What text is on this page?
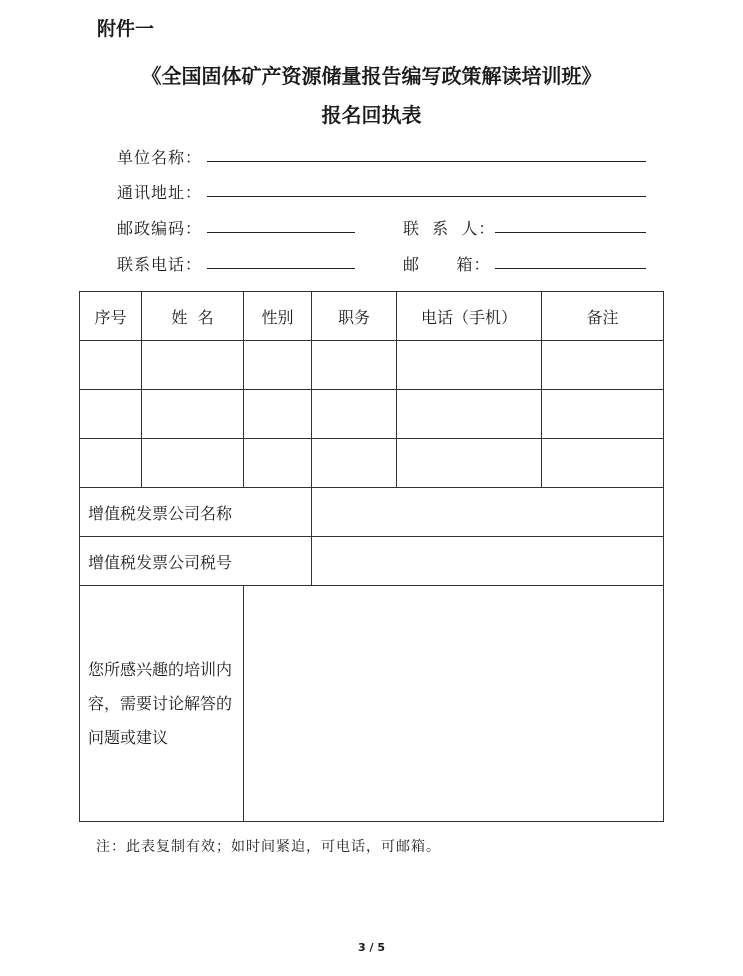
附件一
《全国固体矿产资源储量报告编写政策解读培训班》
报名回执表
单位名称：
通讯地址：
邮政编码：	联  系  人：
联系电话：	邮      箱：
序号	姓  名	性别	职务	电话（手机）	备注

增值税发票公司名称					
增值税发票公司税号					
您所感兴趣的培训内容，需要讨论解答的问题或建议					
注：此表复制有效；如时间紧迫，可电话，可邮箱。
3 / 5
